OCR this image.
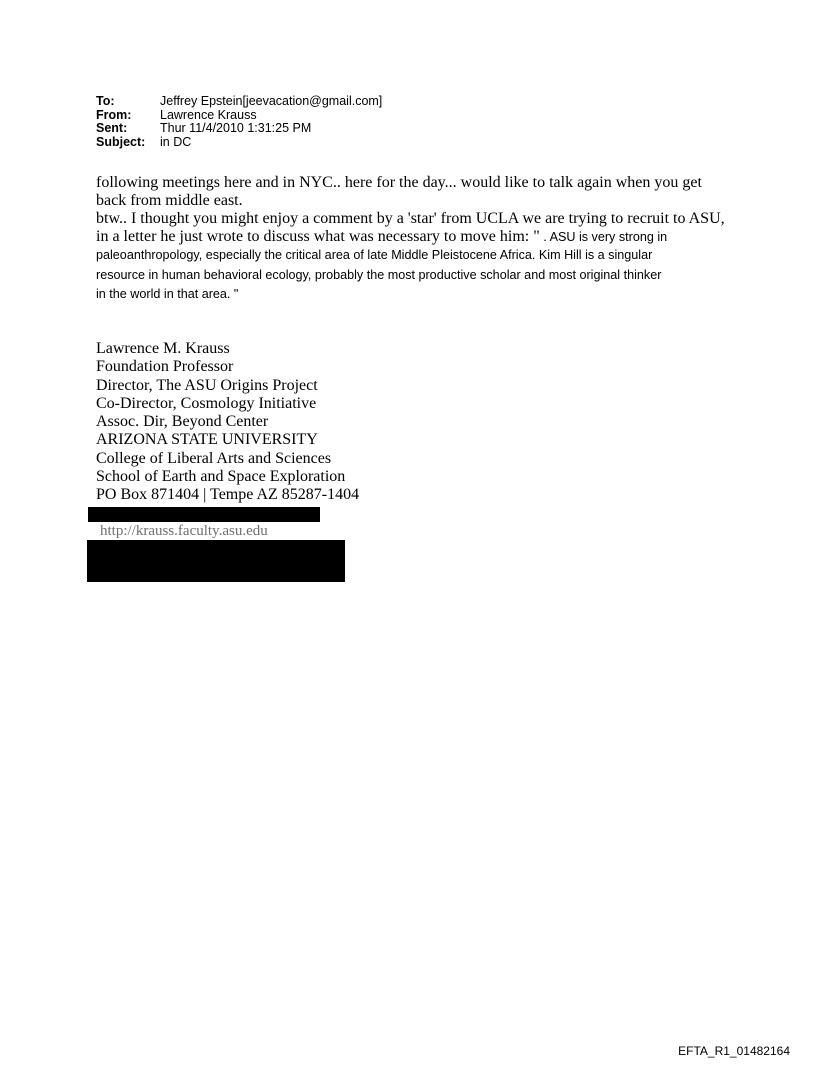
To:	Jeffrey Epstein[jeevacation@gmail.com]
From:	Lawrence Krauss
Sent:	Thur 11/4/2010 1:31:25 PM
Subject:	in DC

following meetings here and in NYC.. here for the day... would like to talk again when you get back from middle east.

btw.. I thought you might enjoy a comment by a 'star' from UCLA we are trying to recruit to ASU, in a letter he just wrote to discuss what was necessary to move him: " . ASU is very strong in

paleoanthropology, especially the critical area of late Middle Pleistocene Africa. Kim Hill is a singular
resource in human behavioral ecology, probably the most productive scholar and most original thinker
in the world in that area. "
Lawrence M. Krauss
Foundation Professor
Director, The ASU Origins Project
Co-Director, Cosmology Initiative
Assoc. Dir, Beyond Center
ARIZONA STATE UNIVERSITY
College of Liberal Arts and Sciences
School of Earth and Space Exploration
PO Box 871404 | Tempe AZ 85287-1404
http://krauss.faculty.asu.edu
EFTA_R1_01482164
